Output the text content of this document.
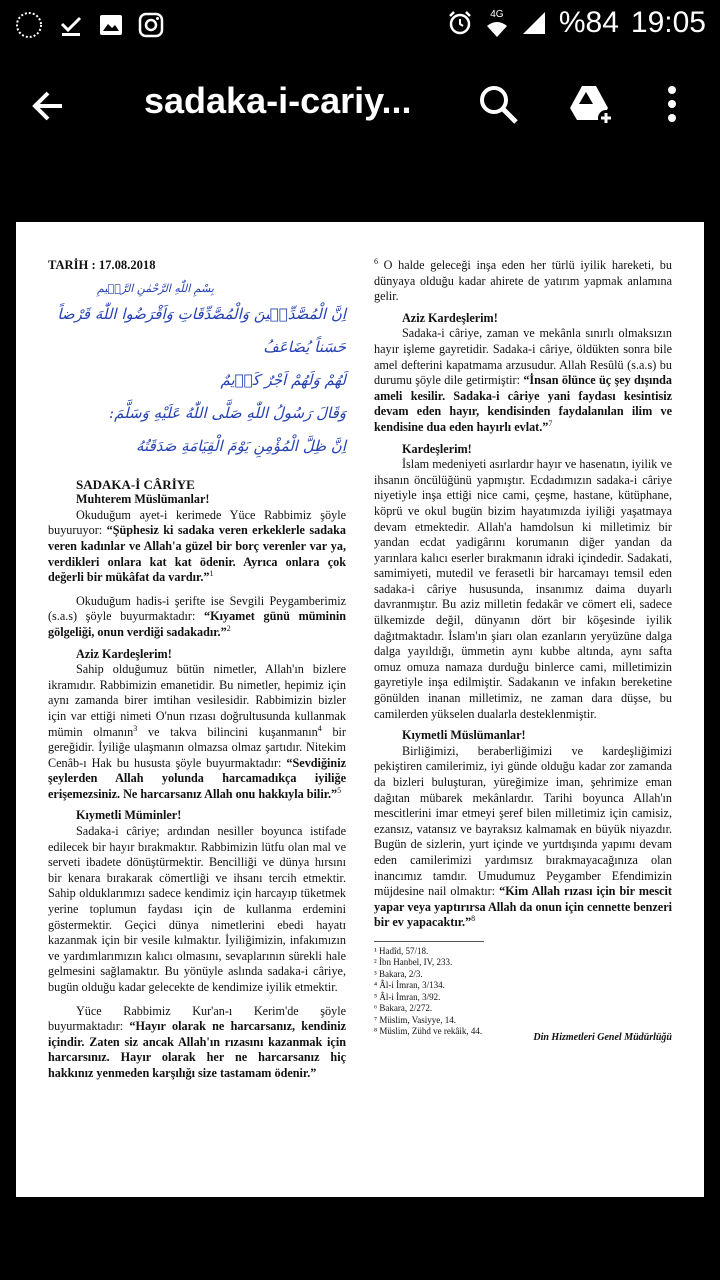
4G %84 19:05
sadaka-i-cariy...
TARİH : 17.08.2018
بِسْمِ اللّٰهِ الرَّحْمٰنِ الرَّح۪يمِ
اِنَّ الْمُصَّدِّق۪ينَ وَالْمُصَّدِّقَاتِ وَاَقْرَضُوا اللّٰهَ قَرْضاً حَسَناً يُضَاعَفُ
لَهُمْ وَلَهُمْ اَجْرٌ كَر۪يمٌ
وَقَالَ رَسُولُ اللّٰهِ صَلَّى اللّٰهُ عَلَيْهِ وَسَلَّمَ:
اِنَّ ظِلَّ الْمُؤْمِنِ يَوْمَ الْقِيَامَةِ صَدَقَتُهُ
SADAKA-İ CÂRİYE
Muhterem Müslümanlar!

Okuduğum ayet-i kerimede Yüce Rabbimiz şöyle buyuruyor: “Şüphesiz ki sadaka veren erkeklerle sadaka veren kadınlar ve Allah'a güzel bir borç verenler var ya, verdikleri onlara kat kat ödenir. Ayrıca onlara çok değerli bir mükâfat da vardır.”$^1$

Okuduğum hadis-i şerifte ise Sevgili Peygamberimiz (s.a.s) şöyle buyurmaktadır: “Kıyamet günü müminin gölgeliği, onun verdiği sadakadır.”$^2$

Aziz Kardeşlerim!

Sahip olduğumuz bütün nimetler, Allah'ın bizlere ikramıdır. Rabbimizin emanetidir. Bu nimetler, hepimiz için aynı zamanda birer imtihan vesilesidir. Rabbimizin bizler için var ettiği nimeti O'nun rızası doğrultusunda kullanmak mümin olmanın$^3$ ve takva bilincini kuşanmanın$^4$ bir gereğidir. İyiliğe ulaşmanın olmazsa olmaz şartıdır. Nitekim Cenâb-ı Hak bu hususta şöyle buyurmaktadır: “Sevdiğiniz şeylerden Allah yolunda harcamadıkça iyiliğe erişemezsiniz. Ne harcarsanız Allah onu hakkıyla bilir.”$^5$

Kıymetli Müminler!

Sadaka-i câriye; ardından nesiller boyunca istifade edilecek bir hayır bırakmaktır. Rabbimizin lütfu olan mal ve serveti ibadete dönüştürmektir. Bencilliği ve dünya hırsını bir kenara bırakarak cömertliği ve ihsanı tercih etmektir. Sahip olduklarımızı sadece kendimiz için harcayıp tüketmek yerine toplumun faydası için de kullanma erdemini göstermektir. Geçici dünya nimetlerini ebedi hayatı kazanmak için bir vesile kılmaktır. İyiliğimizin, infakımızın ve yardımlarımızın kalıcı olmasını, sevaplarının sürekli hale gelmesini sağlamaktır. Bu yönüyle aslında sadaka-i câriye, bugün olduğu kadar gelecekte de kendimize iyilik etmektir.

Yüce Rabbimiz Kur'an-ı Kerim'de şöyle buyurmaktadır: “Hayır olarak ne harcarsanız, kendiniz içindir. Zaten siz ancak Allah'ın rızasını kazanmak için harcarsınız. Hayır olarak her ne harcarsanız hiç hakkınız yenmeden karşılığı size tastamam ödenir.”

$^6$ O halde geleceği inşa eden her türlü iyilik hareketi, bu dünyaya olduğu kadar ahirete de yatırım yapmak anlamına gelir.

Aziz Kardeşlerim!

Sadaka-i câriye, zaman ve mekânla sınırlı olmaksızın hayır işleme gayretidir. Sadaka-i câriye, öldükten sonra bile amel defterini kapatmama arzusudur. Allah Resûlü (s.a.s) bu durumu şöyle dile getirmiştir: “İnsan ölünce üç şey dışında ameli kesilir. Sadaka-i câriye yani faydası kesintisiz devam eden hayır, kendisinden faydalanılan ilim ve kendisine dua eden hayırlı evlat.”$^7$

Kardeşlerim!

İslam medeniyeti asırlardır hayır ve hasenatın, iyilik ve ihsanın öncülüğünü yapmıştır. Ecdadımızın sadaka-i câriye niyetiyle inşa ettiği nice cami, çeşme, hastane, kütüphane, köprü ve okul bugün bizim hayatımızda iyiliği yaşatmaya devam etmektedir. Allah'a hamdolsun ki milletimiz bir yandan ecdat yadigârını korumanın diğer yandan da yarınlara kalıcı eserler bırakmanın idraki içindedir. Sadakati, samimiyeti, mutedil ve ferasetli bir harcamayı temsil eden sadaka-i câriye hususunda, insanımız daima duyarlı davranmıştır. Bu aziz milletin fedakâr ve cömert eli, sadece ülkemizde değil, dünyanın dört bir köşesinde iyilik dağıtmaktadır. İslam'ın şiarı olan ezanların yeryüzüne dalga dalga yayıldığı, ümmetin aynı kubbe altında, aynı safta omuz omuza namaza durduğu binlerce cami, milletimizin gayretiyle inşa edilmiştir. Sadakanın ve infakın bereketine gönülden inanan milletimiz, ne zaman dara düşse, bu camilerden yükselen dualarla desteklenmiştir.

Kıymetli Müslümanlar!

Birliğimizi, beraberliğimizi ve kardeşliğimizi pekiştiren camilerimiz, iyi günde olduğu kadar zor zamanda da bizleri buluşturan, yüreğimize iman, şehrimize eman dağıtan mübarek mekânlardır. Tarihi boyunca Allah'ın mescitlerini imar etmeyi şeref bilen milletimiz için camisiz, ezansız, vatansız ve bayraksız kalmamak en büyük niyazdır. Bugün de sizlerin, yurt içinde ve yurtdışında yapımı devam eden camilerimizi yardımsız bırakmayacağınıza olan inancımız tamdır. Umudumuz Peygamber Efendimizin müjdesine nail olmaktır: “Kim Allah rızası için bir mescit yapar veya yaptırırsa Allah da onun için cennette benzeri bir ev yapacaktır.”$^8$

¹ Hadîd, 57/18.
² İbn Hanbel, IV, 233.
³ Bakara, 2/3.
⁴ Âl-i İmran, 3/134.
⁵ Âl-i İmran, 3/92.
⁶ Bakara, 2/272.
⁷ Müslim, Vasiyye, 14.
⁸ Müslim, Zühd ve rekâik, 44.
Din Hizmetleri Genel Müdürlüğü
